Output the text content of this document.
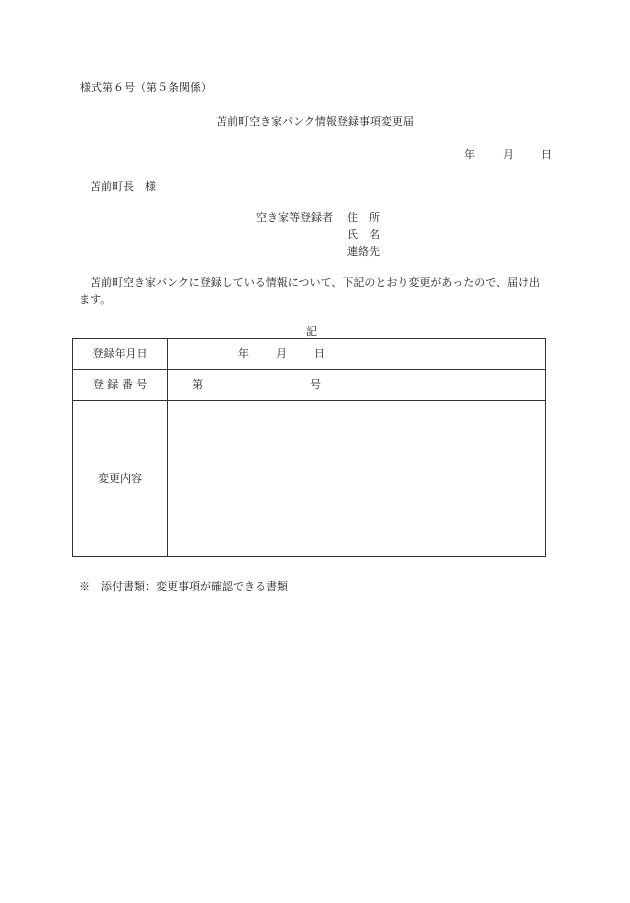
様式第６号（第５条関係）
苫前町空き家バンク情報登録事項変更届
年	月 日
苫前町長　様
空き家等登録者 住　所
氏　名
連絡先
苫前町空き家バンクに登録している情報について、下記のとおり変更があったので、届け出ます。
記
登録年月日	年 月 日
登 録 番 号	第 号
変更内容	
※　添付書類：変更事項が確認できる書類
